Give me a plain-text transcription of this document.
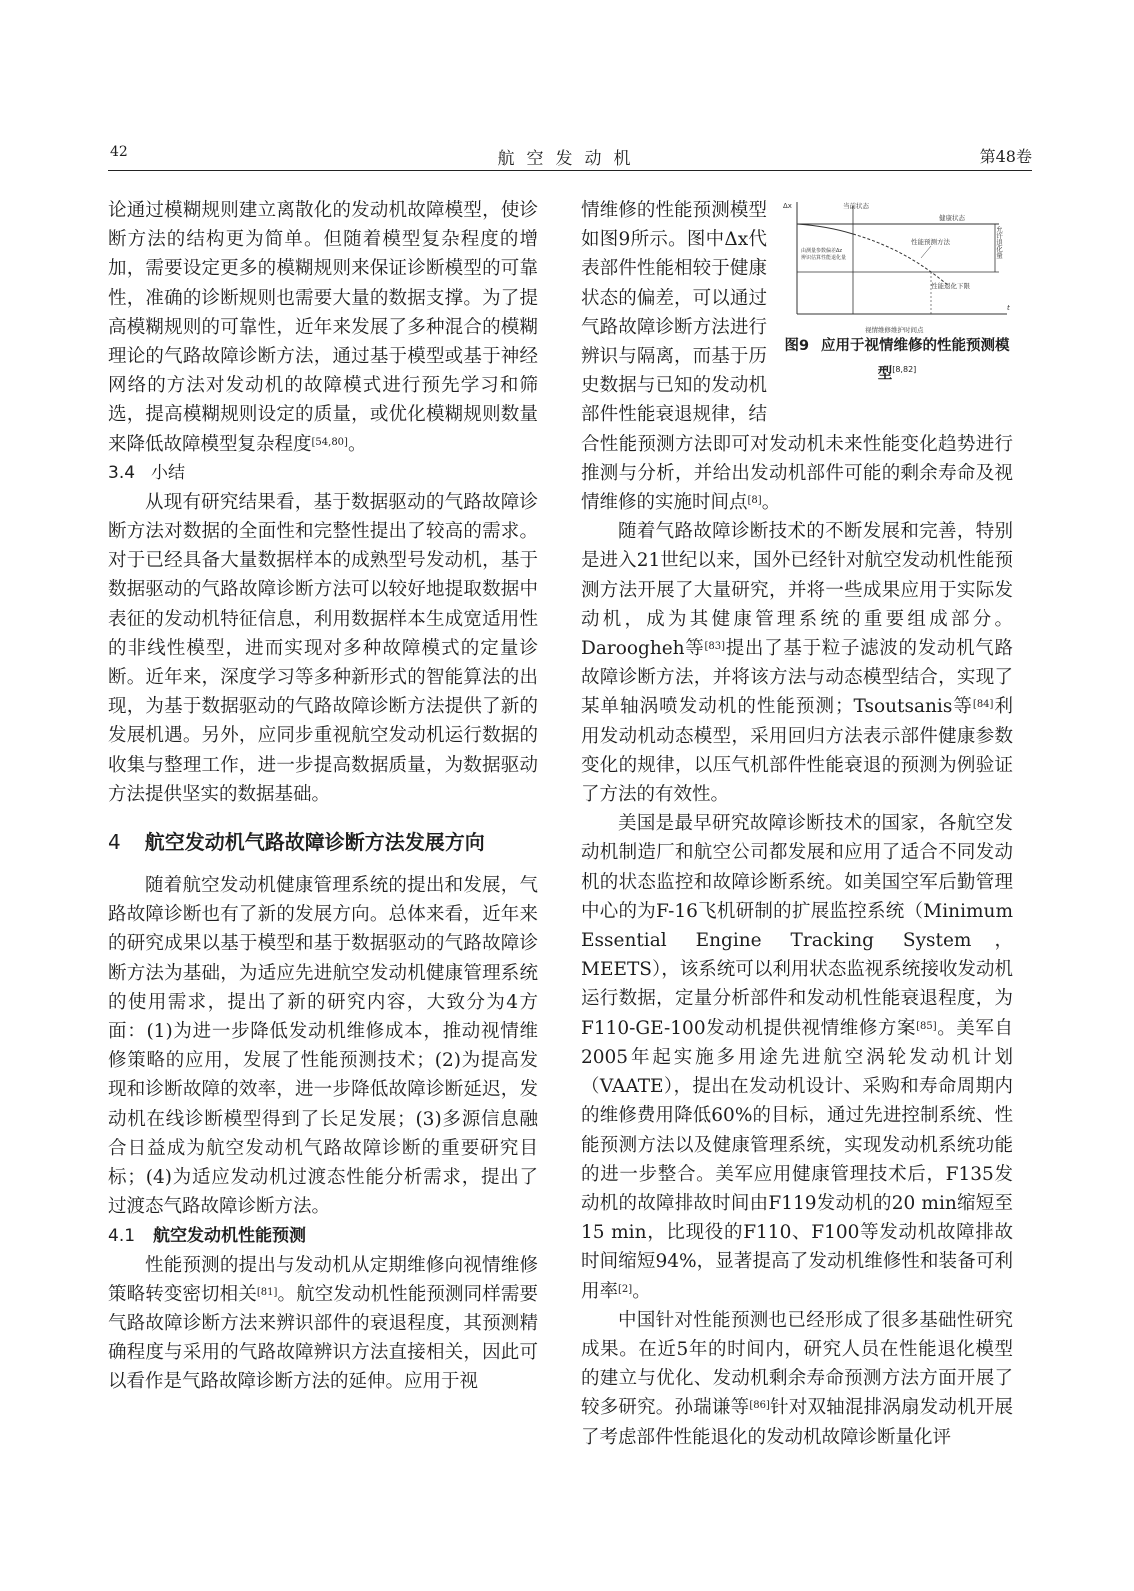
42	航空发动机	第48卷

论通过模糊规则建立离散化的发动机故障模型，使诊断方法的结构更为简单。但随着模型复杂程度的增加，需要设定更多的模糊规则来保证诊断模型的可靠性，准确的诊断规则也需要大量的数据支撑。为了提高模糊规则的可靠性，近年来发展了多种混合的模糊理论的气路故障诊断方法，通过基于模型或基于神经网络的方法对发动机的故障模式进行预先学习和筛选，提高模糊规则设定的质量，或优化模糊规则数量来降低故障模型复杂程度[54,80]。

3.4 小结

从现有研究结果看，基于数据驱动的气路故障诊断方法对数据的全面性和完整性提出了较高的需求。对于已经具备大量数据样本的成熟型号发动机，基于数据驱动的气路故障诊断方法可以较好地提取数据中表征的发动机特征信息，利用数据样本生成宽适用性的非线性模型，进而实现对多种故障模式的定量诊断。近年来，深度学习等多种新形式的智能算法的出现，为基于数据驱动的气路故障诊断方法提供了新的发展机遇。另外，应同步重视航空发动机运行数据的收集与整理工作，进一步提高数据质量，为数据驱动方法提供坚实的数据基础。

4 航空发动机气路故障诊断方法发展方向

随着航空发动机健康管理系统的提出和发展，气路故障诊断也有了新的发展方向。总体来看，近年来的研究成果以基于模型和基于数据驱动的气路故障诊断方法为基础，为适应先进航空发动机健康管理系统的使用需求，提出了新的研究内容，大致分为4方面：(1)为进一步降低发动机维修成本，推动视情维修策略的应用，发展了性能预测技术；(2)为提高发现和诊断故障的效率，进一步降低故障诊断延迟，发动机在线诊断模型得到了长足发展；(3)多源信息融合日益成为航空发动机气路故障诊断的重要研究目标；(4)为适应发动机过渡态性能分析需求，提出了过渡态气路故障诊断方法。

4.1 航空发动机性能预测

性能预测的提出与发动机从定期维修向视情维修策略转变密切相关[81]。航空发动机性能预测同样需要气路故障诊断方法来辨识部件的衰退程度，其预测精确程度与采用的气路故障辨识方法直接相关，因此可以看作是气路故障诊断方法的延伸。应用于视

Δx
t
当前状态
健康状态
性能预测方法
由测量参数偏差Δz
辨识估算性能退化量
性能退化下限
允许退化量
视情维修维护时间点
图9 应用于视情维修的性能预测模型[8,82]

情维修的性能预测模型如图9所示。图中Δx代表部件性能相较于健康状态的偏差，可以通过气路故障诊断方法进行辨识与隔离，而基于历史数据与已知的发动机部件性能衰退规律，结合性能预测方法即可对发动机未来性能变化趋势进行推测与分析，并给出发动机部件可能的剩余寿命及视情维修的实施时间点[8]。

随着气路故障诊断技术的不断发展和完善，特别是进入21世纪以来，国外已经针对航空发动机性能预测方法开展了大量研究，并将一些成果应用于实际发动机，成为其健康管理系统的重要组成部分。Daroogheh等[83]提出了基于粒子滤波的发动机气路故障诊断方法，并将该方法与动态模型结合，实现了某单轴涡喷发动机的性能预测；Tsoutsanis等[84]利用发动机动态模型，采用回归方法表示部件健康参数变化的规律，以压气机部件性能衰退的预测为例验证了方法的有效性。

美国是最早研究故障诊断技术的国家，各航空发动机制造厂和航空公司都发展和应用了适合不同发动机的状态监控和故障诊断系统。如美国空军后勤管理中心的为F-16飞机研制的扩展监控系统（Minimum Essential Engine Tracking System，MEETS），该系统可以利用状态监视系统接收发动机运行数据，定量分析部件和发动机性能衰退程度，为F110-GE-100发动机提供视情维修方案[85]。美军自2005年起实施多用途先进航空涡轮发动机计划（VAATE），提出在发动机设计、采购和寿命周期内的维修费用降低60%的目标，通过先进控制系统、性能预测方法以及健康管理系统，实现发动机系统功能的进一步整合。美军应用健康管理技术后，F135发动机的故障排故时间由F119发动机的20 min缩短至15 min，比现役的F110、F100等发动机故障排故时间缩短94%，显著提高了发动机维修性和装备可利用率[2]。

中国针对性能预测也已经形成了很多基础性研究成果。在近5年的时间内，研究人员在性能退化模型的建立与优化、发动机剩余寿命预测方法方面开展了较多研究。孙瑞谦等[86]针对双轴混排涡扇发动机开展了考虑部件性能退化的发动机故障诊断量化评
